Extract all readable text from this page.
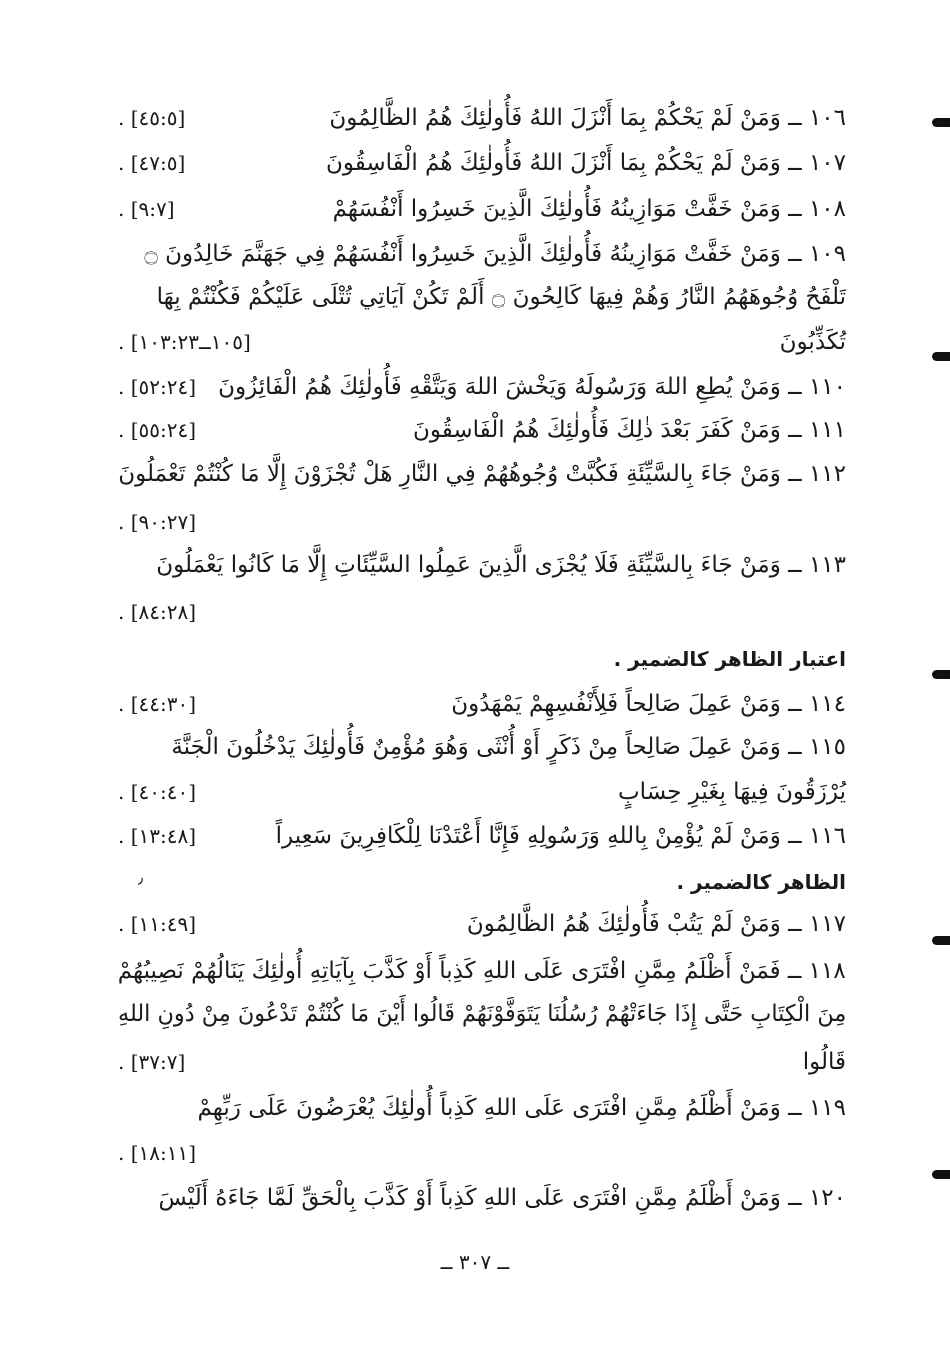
١٠٦ ــ وَمَنْ لَمْ يَحْكُمْ بِمَا أَنْزَلَ اللهُ فَأُولٰئِكَ هُمُ الظَّالِمُونَ
. [٤٥:٥]
١٠٧ ــ وَمَنْ لَمْ يَحْكُمْ بِمَا أَنْزَلَ اللهُ فَأُولٰئِكَ هُمُ الْفَاسِقُونَ
. [٤٧:٥]
١٠٨ ــ وَمَنْ خَفَّتْ مَوَازِينُهُ فَأُولٰئِكَ الَّذِينَ خَسِرُوا أَنْفُسَهُمْ
. [٩:٧]
١٠٩ ــ وَمَنْ خَفَّتْ مَوَازِينُهُ فَأُولٰئِكَ الَّذِينَ خَسِرُوا أَنْفُسَهُمْ فِي جَهَنَّمَ خَالِدُونَ ۝
تَلْفَحُ وُجُوهَهُمُ النَّارُ وَهُمْ فِيهَا كَالِحُونَ ۝ أَلَمْ تَكُنْ آيَاتِي تُتْلَى عَلَيْكُمْ فَكُنْتُمْ بِهَا
تُكَذِّبُونَ
. [١٠٥ــ١٠٣:٢٣]
١١٠ ــ وَمَنْ يُطِعِ اللهَ وَرَسُولَهُ وَيَخْشَ اللهَ وَيَتَّقْهِ فَأُولٰئِكَ هُمُ الْفَائِزُونَ
. [٥٢:٢٤]
١١١ ــ وَمَنْ كَفَرَ بَعْدَ ذٰلِكَ فَأُولٰئِكَ هُمُ الْفَاسِقُونَ
. [٥٥:٢٤]
١١٢ ــ وَمَنْ جَاءَ بِالسَّيِّئَةِ فَكُبَّتْ وُجُوهُهُمْ فِي النَّارِ هَلْ تُجْزَوْنَ إِلَّا مَا كُنْتُمْ تَعْمَلُونَ
. [٩٠:٢٧]
١١٣ ــ وَمَنْ جَاءَ بِالسَّيِّئَةِ فَلَا يُجْزَى الَّذِينَ عَمِلُوا السَّيِّئَاتِ إِلَّا مَا كَانُوا يَعْمَلُونَ
. [٨٤:٢٨]
اعتبار الظاهر كالضمير .
١١٤ ــ وَمَنْ عَمِلَ صَالِحاً فَلِأَنْفُسِهِمْ يَمْهَدُونَ
. [٤٤:٣٠]
١١٥ ــ وَمَنْ عَمِلَ صَالِحاً مِنْ ذَكَرٍ أَوْ أُنْثَى وَهُوَ مُؤْمِنٌ فَأُولٰئِكَ يَدْخُلُونَ الْجَنَّةَ
يُرْزَقُونَ فِيهَا بِغَيْرِ حِسَابٍ
. [٤٠:٤٠]
١١٦ ــ وَمَنْ لَمْ يُؤْمِنْ بِاللهِ وَرَسُولِهِ فَإِنَّا أَعْتَدْنَا لِلْكَافِرِينَ سَعِيراً
. [١٣:٤٨]
الظاهر كالضمير .
١١٧ ــ وَمَنْ لَمْ يَتُبْ فَأُولٰئِكَ هُمُ الظَّالِمُونَ
. [١١:٤٩]
١١٨ ــ فَمَنْ أَظْلَمُ مِمَّنِ افْتَرَى عَلَى اللهِ كَذِباً أَوْ كَذَّبَ بِآيَاتِهِ أُولٰئِكَ يَنَالُهُمْ نَصِيبُهُمْ
مِنَ الْكِتَابِ حَتَّى إِذَا جَاءَتْهُمْ رُسُلُنَا يَتَوَفَّوْنَهُمْ قَالُوا أَيْنَ مَا كُنْتُمْ تَدْعُونَ مِنْ دُونِ اللهِ
قَالُوا
. [٣٧:٧]
١١٩ ــ وَمَنْ أَظْلَمُ مِمَّنِ افْتَرَى عَلَى اللهِ كَذِباً أُولٰئِكَ يُعْرَضُونَ عَلَى رَبِّهِمْ
. [١٨:١١]
١٢٠ ــ وَمَنْ أَظْلَمُ مِمَّنِ افْتَرَى عَلَى اللهِ كَذِباً أَوْ كَذَّبَ بِالْحَقِّ لَمَّا جَاءَهُ أَلَيْسَ
٫
ــ ٣٠٧ ــ
